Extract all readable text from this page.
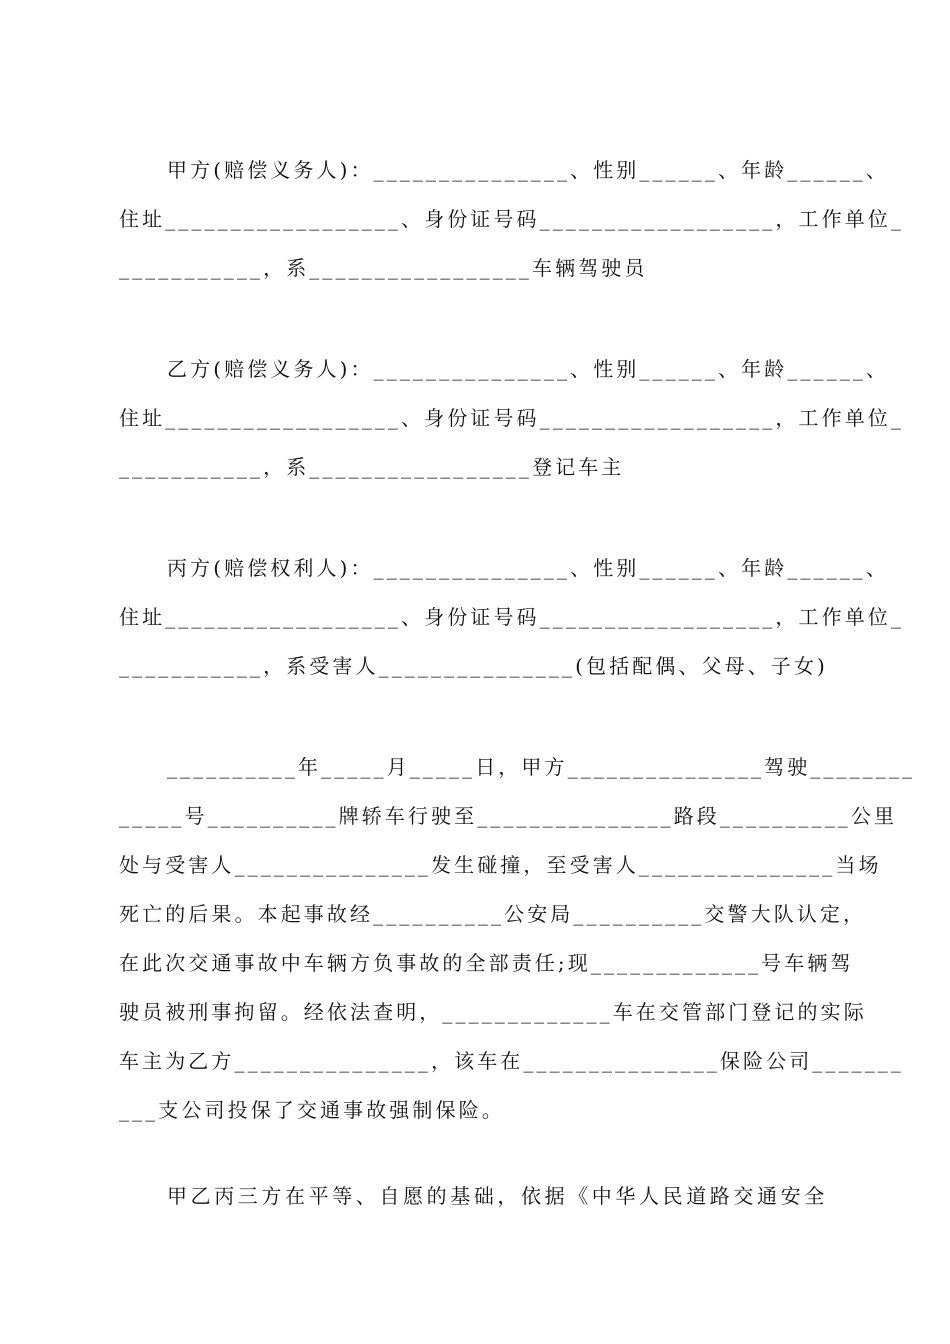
甲方(赔偿义务人)：_______________、性别______、年龄______、
住址__________________、身份证号码__________________，工作单位_
___________，系_________________车辆驾驶员
乙方(赔偿义务人)：_______________、性别______、年龄______、
住址__________________、身份证号码__________________，工作单位_
___________，系_________________登记车主
丙方(赔偿权利人)：_______________、性别______、年龄______、
住址__________________、身份证号码__________________，工作单位_
___________，系受害人_______________(包括配偶、父母、子女)
__________年_____月_____日，甲方_______________驾驶________
_____号__________牌轿车行驶至_______________路段__________公里
处与受害人_______________发生碰撞，至受害人_______________当场
死亡的后果。本起事故经__________公安局__________交警大队认定，
在此次交通事故中车辆方负事故的全部责任;现_____________号车辆驾
驶员被刑事拘留。经依法查明，_____________车在交管部门登记的实际
车主为乙方_______________，该车在_______________保险公司_______
___支公司投保了交通事故强制保险。
甲乙丙三方在平等、自愿的基础，依据《中华人民道路交通安全
